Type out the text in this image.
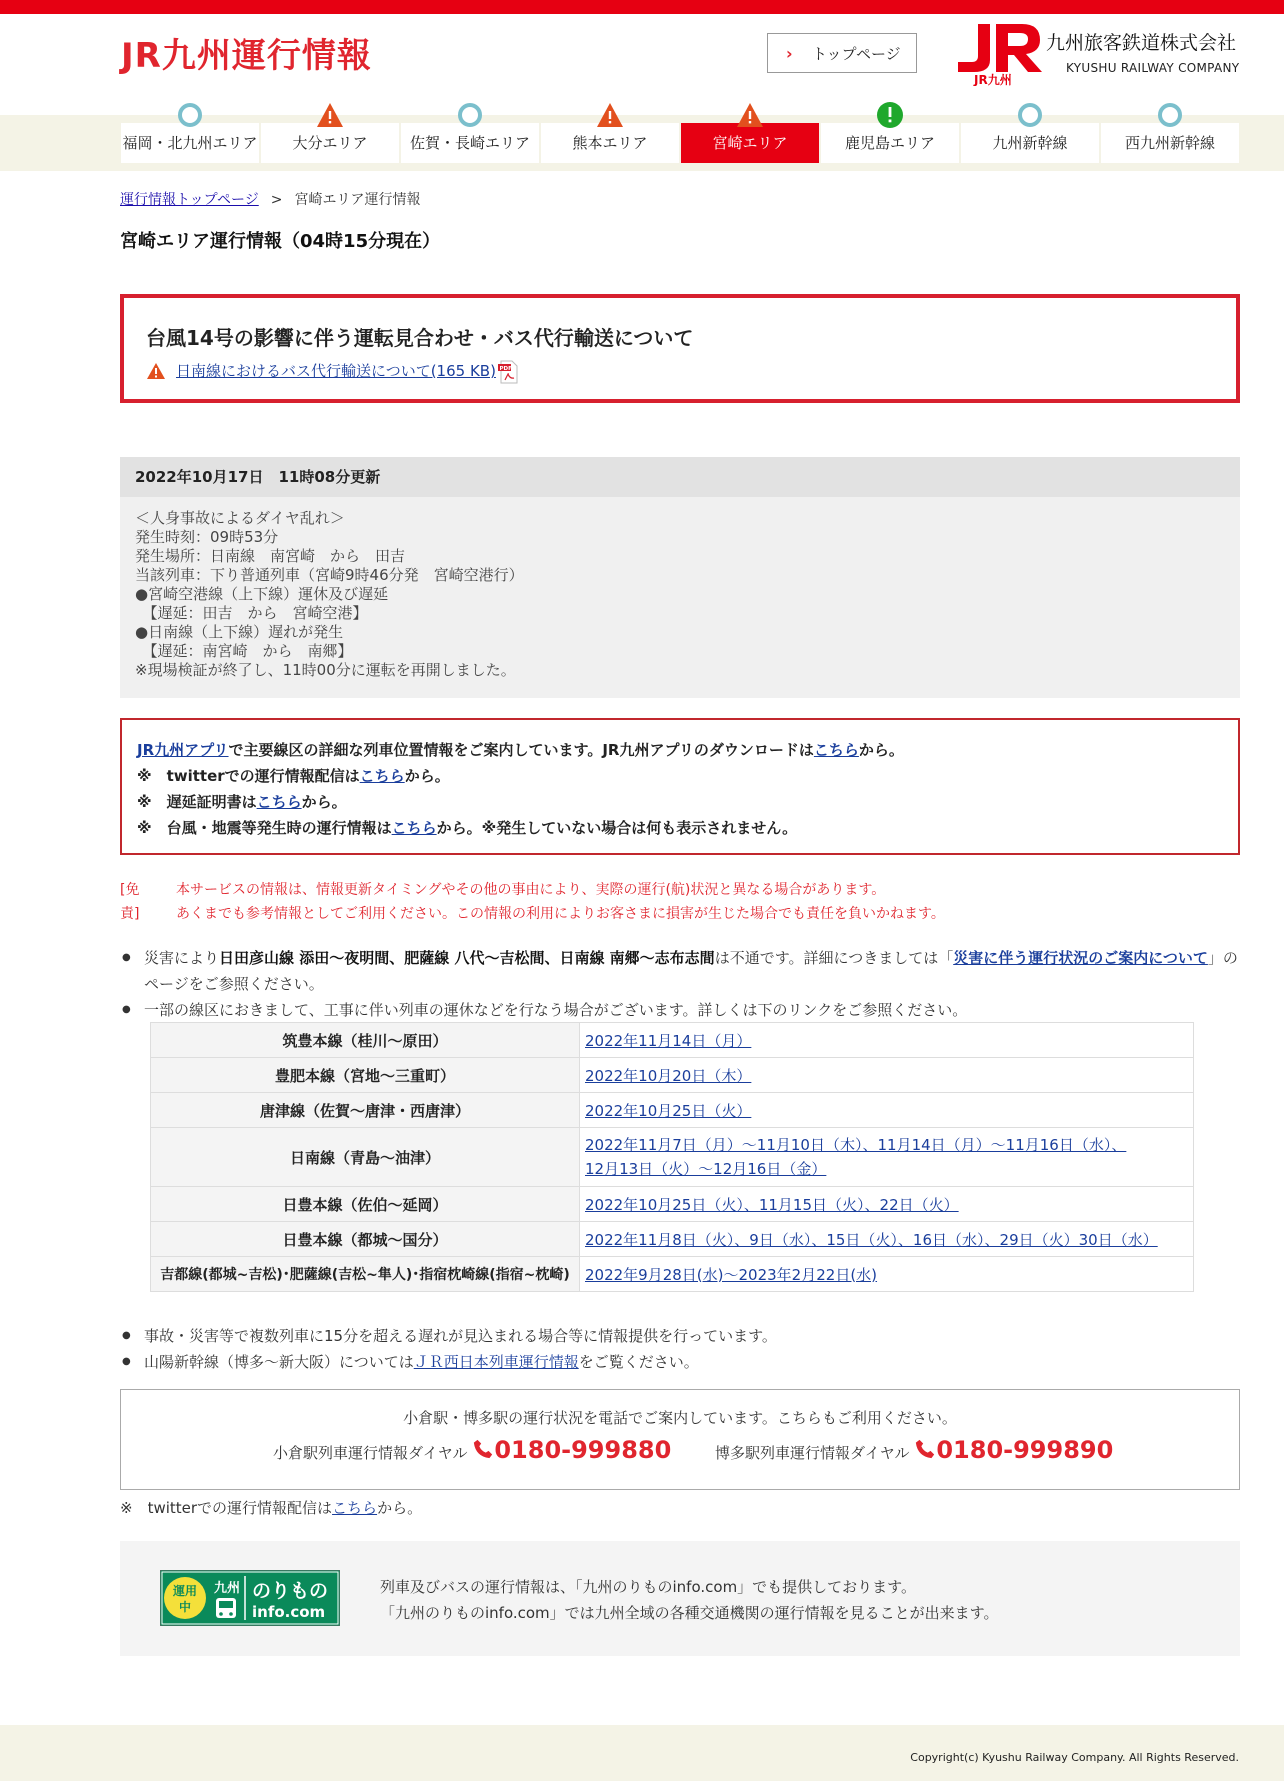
JR九州運行情報	› トップページ
JR九州
九州旅客鉄道株式会社
KYUSHU RAILWAY COMPANY
福岡・北九州エリア	大分エリア	佐賀・長崎エリア	熊本エリア	宮崎エリア	鹿児島エリア	九州新幹線	西九州新幹線
運行情報トップページ > 宮崎エリア運行情報
宮崎エリア運行情報（04時15分現在）
台風14号の影響に伴う運転見合わせ・バス代行輸送について
日南線におけるバス代行輸送について(165 KB) PDF
2022年10月17日　11時08分更新
＜人身事故によるダイヤ乱れ＞
発生時刻：09時53分
発生場所：日南線　南宮崎　から　田吉
当該列車：下り普通列車（宮崎9時46分発　宮崎空港行）
●宮崎空港線（上下線）運休及び遅延
　【遅延：田吉　から　宮崎空港】
●日南線（上下線）遅れが発生
　【遅延：南宮崎　から　南郷】
※現場検証が終了し、11時00分に運転を再開しました。
JR九州アプリで主要線区の詳細な列車位置情報をご案内しています。JR九州アプリのダウンロードはこちらから。
※　twitterでの運行情報配信はこちらから。
※　遅延証明書はこちらから。
※　台風・地震等発生時の運行情報はこちらから。※発生していない場合は何も表示されません。
[免責]
本サービスの情報は、情報更新タイミングやその他の事由により、実際の運行(航)状況と異なる場合があります。
あくまでも参考情報としてご利用ください。この情報の利用によりお客さまに損害が生じた場合でも責任を負いかねます。
● 災害により日田彦山線 添田～夜明間、肥薩線 八代～吉松間、日南線 南郷～志布志間は不通です。詳細につきましては「災害に伴う運行状況のご案内について」のページをご参照ください。
● 一部の線区におきまして、工事に伴い列車の運休などを行なう場合がございます。詳しくは下のリンクをご参照ください。
筑豊本線（桂川～原田）	2022年11月14日（月）
豊肥本線（宮地～三重町）	2022年10月20日（木）
唐津線（佐賀～唐津・西唐津）	2022年10月25日（火）
日南線（青島～油津）	2022年11月7日（月）～11月10日（木）、11月14日（月）～11月16日（水）、
12月13日（火）～12月16日（金）
日豊本線（佐伯～延岡）	2022年10月25日（火）、11月15日（火）、22日（火）
日豊本線（都城～国分）	2022年11月8日（火）、9日（水）、15日（火）、16日（水）、29日（火）30日（水）
吉都線(都城~吉松)･肥薩線(吉松~隼人)･指宿枕崎線(指宿~枕崎)	2022年9月28日(水)～2023年2月22日(水)
● 事故・災害等で複数列車に15分を超える遅れが見込まれる場合等に情報提供を行っています。
● 山陽新幹線（博多～新大阪）についてはＪＲ西日本列車運行情報をご覧ください。
小倉駅・博多駅の運行状況を電話でご案内しています。こちらもご利用ください。
小倉駅列車運行情報ダイヤル 0180-999880	博多駅列車運行情報ダイヤル 0180-999890
※　twitterでの運行情報配信はこちらから。
運用
中
九州 のりもの
info.com
列車及びバスの運行情報は、「九州のりものinfo.com」でも提供しております。
「九州のりものinfo.com」では九州全域の各種交通機関の運行情報を見ることが出来ます。
Copyright(c) Kyushu Railway Company. All Rights Reserved.
